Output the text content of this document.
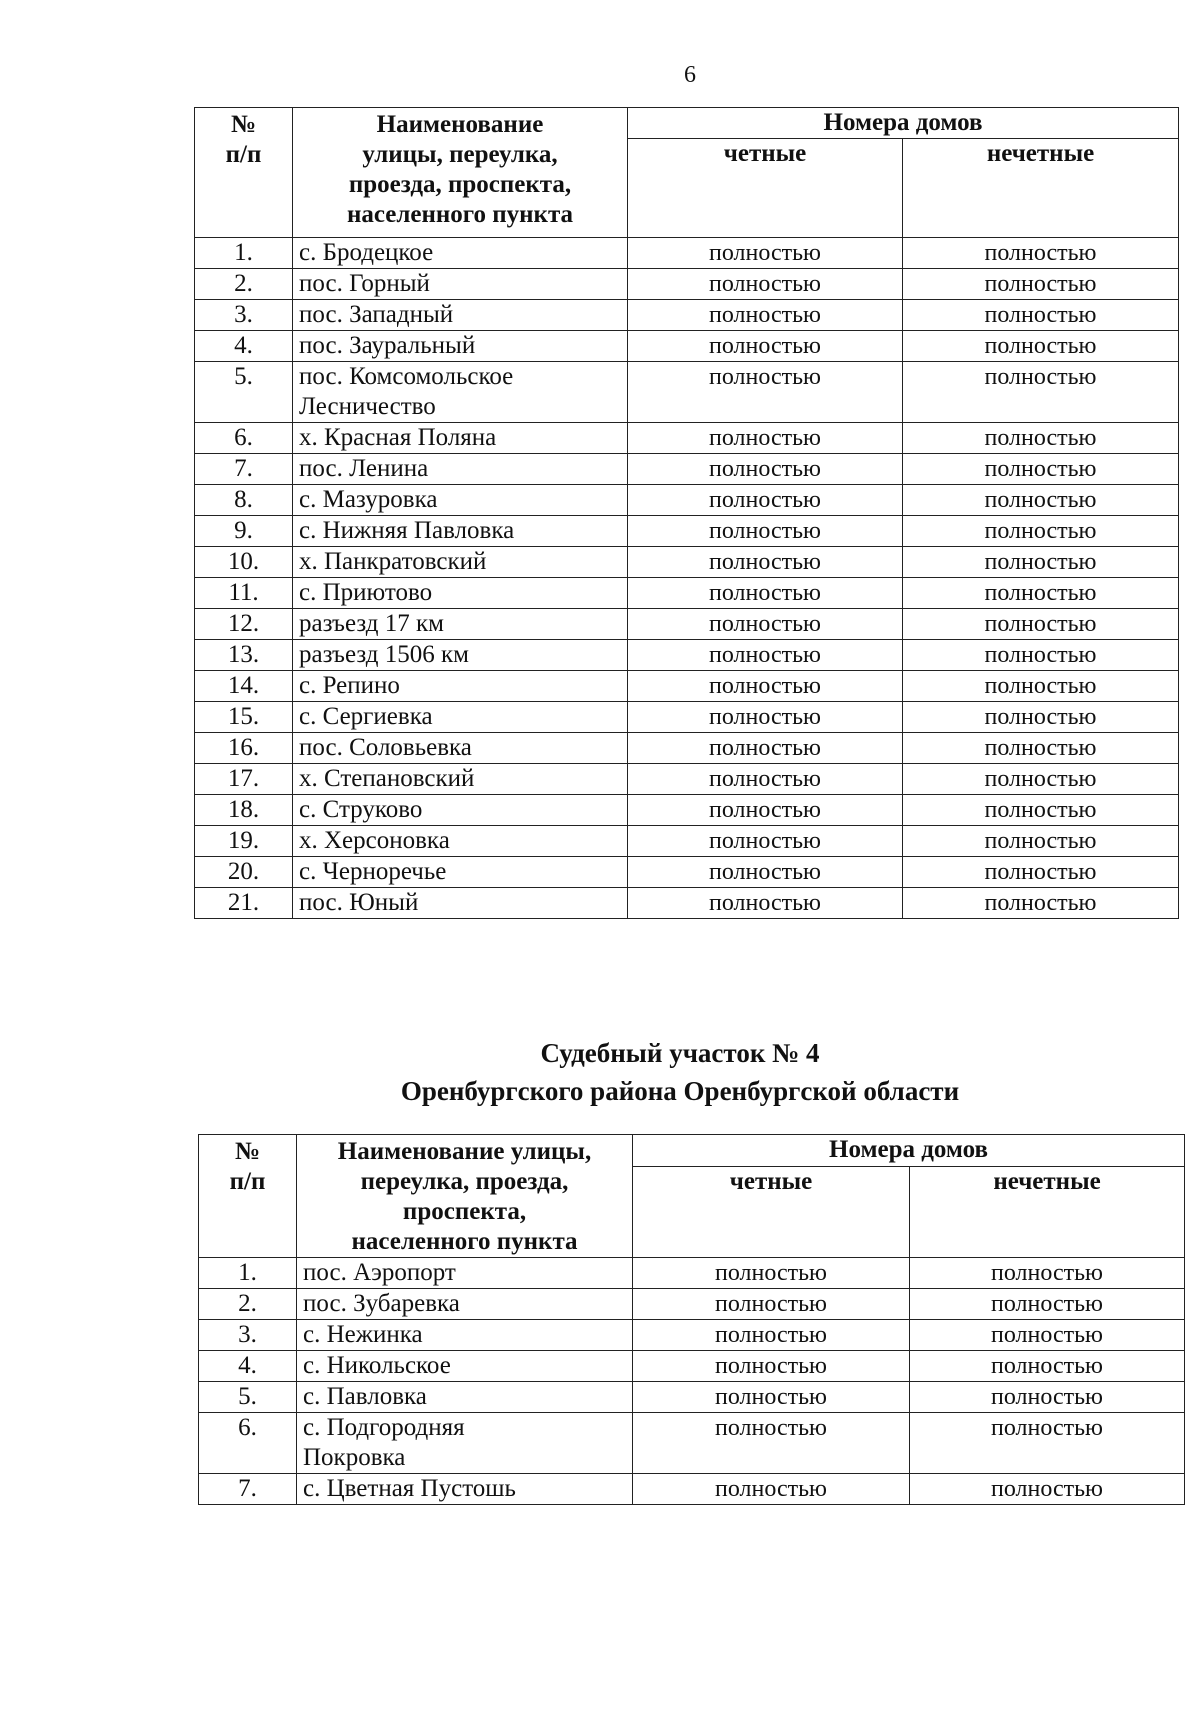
6
№
п/п	Наименование
улицы, переулка,
проезда, проспекта,
населенного пункта	Номера домов	
		четные	нечетные
1.	с. Бродецкое	полностью	полностью
2.	пос. Горный	полностью	полностью
3.	пос. Западный	полностью	полностью
4.	пос. Зауральный	полностью	полностью
5.	пос. Комсомольское
Лесничество	полностью	полностью
6.	х. Красная Поляна	полностью	полностью
7.	пос. Ленина	полностью	полностью
8.	с. Мазуровка	полностью	полностью
9.	с. Нижняя Павловка	полностью	полностью
10.	х. Панкратовский	полностью	полностью
11.	с. Приютово	полностью	полностью
12.	разъезд 17 км	полностью	полностью
13.	разъезд 1506 км	полностью	полностью
14.	с. Репино	полностью	полностью
15.	с. Сергиевка	полностью	полностью
16.	пос. Соловьевка	полностью	полностью
17.	х. Степановский	полностью	полностью
18.	с. Струково	полностью	полностью
19.	х. Херсоновка	полностью	полностью
20.	с. Черноречье	полностью	полностью
21.	пос. Юный	полностью	полностью
Судебный участок № 4
Оренбургского района Оренбургской области
№
п/п	Наименование улицы,
переулка, проезда,
проспекта,
населенного пункта	Номера домов	
		четные	нечетные
1.	пос. Аэропорт	полностью	полностью
2.	пос. Зубаревка	полностью	полностью
3.	с. Нежинка	полностью	полностью
4.	с. Никольское	полностью	полностью
5.	с. Павловка	полностью	полностью
6.	с. Подгородняя
Покровка	полностью	полностью
7.	с. Цветная Пустошь	полностью	полностью
